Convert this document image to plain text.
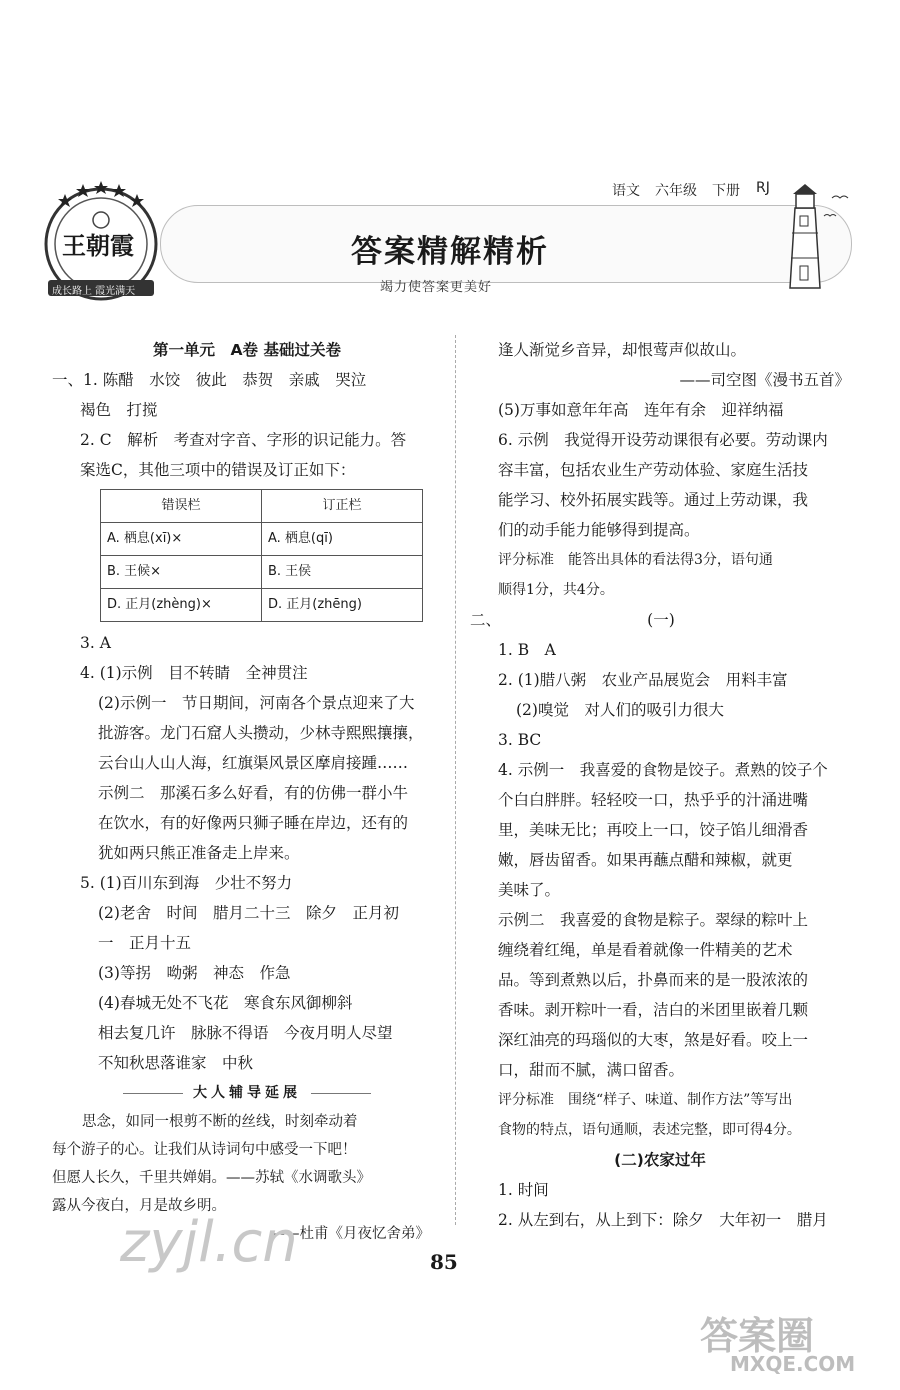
王朝霞
成长路上 霞光满天
语文 六年级 下册 RJ
答案精解精析
竭力使答案更美好

第一单元　A卷 基础过关卷

一、1. 陈醋　水饺　彼此　恭贺　亲戚　哭泣

褐色　打搅

2. C　解析　考查对字音、字形的识记能力。答

案选C，其他三项中的错误及订正如下：

错误栏	订正栏
A. 栖息(xī)×	A. 栖息(qī)
B. 王候×	B. 王侯
D. 正月(zhèng)×	D. 正月(zhēng)

3. A

4. (1)示例　目不转睛　全神贯注

(2)示例一　节日期间，河南各个景点迎来了大

批游客。龙门石窟人头攒动，少林寺熙熙攘攘，

云台山人山人海，红旗渠风景区摩肩接踵……

示例二　那溪石多么好看，有的仿佛一群小牛

在饮水，有的好像两只狮子睡在岸边，还有的

犹如两只熊正准备走上岸来。

5. (1)百川东到海　少壮不努力

(2)老舍　时间　腊月二十三　除夕　正月初

一　正月十五

(3)等拐　呦粥　神态　作急

(4)春城无处不飞花　寒食东风御柳斜

相去复几许　脉脉不得语　今夜月明人尽望

不知秋思落谁家　中秋

大人辅导延展

思念，如同一根剪不断的丝线，时刻牵动着

每个游子的心。让我们从诗词句中感受一下吧！

但愿人长久，千里共婵娟。——苏轼《水调歌头》

露从今夜白，月是故乡明。

——杜甫《月夜忆舍弟》

逢人渐觉乡音异，却恨莺声似故山。

——司空图《漫书五首》

(5)万事如意年年高　连年有余　迎祥纳福

6. 示例　我觉得开设劳动课很有必要。劳动课内

容丰富，包括农业生产劳动体验、家庭生活技

能学习、校外拓展实践等。通过上劳动课，我

们的动手能力能够得到提高。

评分标准　能答出具体的看法得3分，语句通

顺得1分，共4分。

二、	(一)

1. B　A

2. (1)腊八粥　农业产品展览会　用料丰富

(2)嗅觉　对人们的吸引力很大

3. BC

4. 示例一　我喜爱的食物是饺子。煮熟的饺子个

个白白胖胖。轻轻咬一口，热乎乎的汁涌进嘴

里，美味无比；再咬上一口，饺子馅儿细滑香

嫩，唇齿留香。如果再蘸点醋和辣椒，就更

美味了。

示例二　我喜爱的食物是粽子。翠绿的粽叶上

缠绕着红绳，单是看着就像一件精美的艺术

品。等到煮熟以后，扑鼻而来的是一股浓浓的

香味。剥开粽叶一看，洁白的米团里嵌着几颗

深红油亮的玛瑙似的大枣，煞是好看。咬上一

口，甜而不腻，满口留香。

评分标准　围绕“样子、味道、制作方法”等写出

食物的特点，语句通顺，表述完整，即可得4分。

(二)农家过年

1. 时间

2. 从左到右，从上到下：除夕　大年初一　腊月

85
zyjl.cn
答案圈
MXQE.COM
